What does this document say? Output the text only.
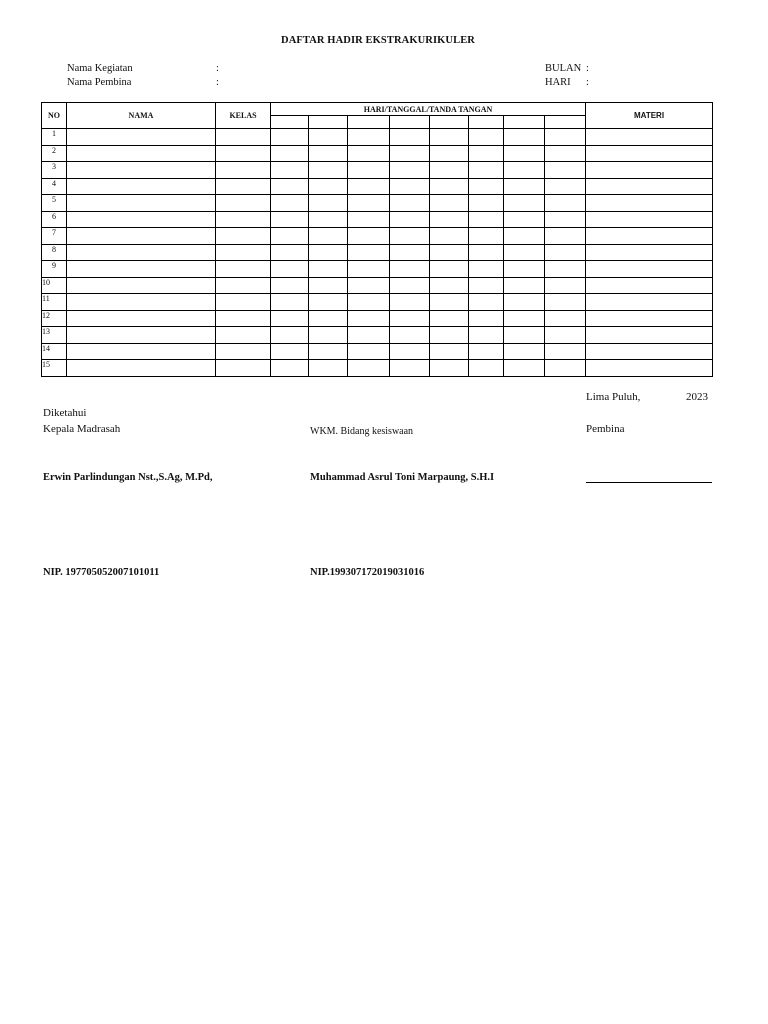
DAFTAR HADIR EKSTRAKURIKULER
Nama Kegiatan	:
Nama Pembina	:
BULAN :
HARI :
NO	NAMA	KELAS	HARI/TANGGAL/TANDA TANGAN								MATERI

1											
2											
3											
4											
5											
6											
7											
8											
9											
10											
11											
12											
13											
14											
15											
Lima Puluh,	2023
Diketahui
Kepala Madrasah	WKM. Bidang kesiswaan	Pembina
Erwin Parlindungan Nst.,S.Ag, M.Pd,	Muhammad Asrul Toni Marpaung, S.H.I
NIP. 197705052007101011	NIP.199307172019031016
